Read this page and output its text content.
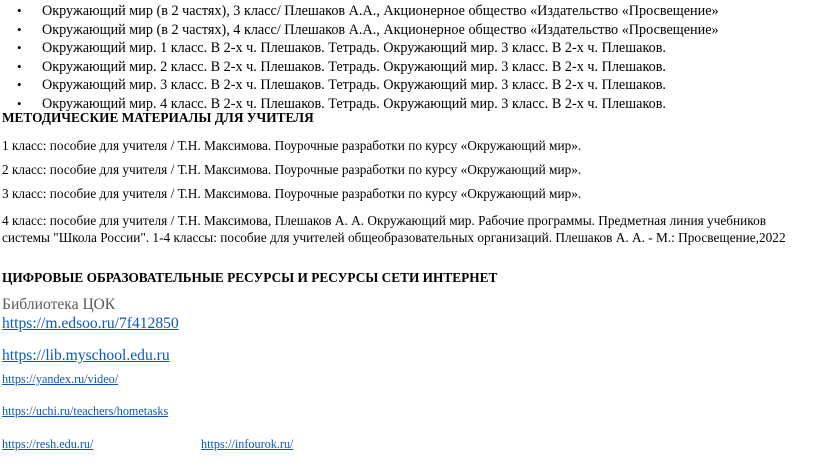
• Окружающий мир (в 2 частях), 3 класс/ Плешаков А.А., Акционерное общество «Издательство «Просвещение»
• Окружающий мир (в 2 частях), 4 класс/ Плешаков А.А., Акционерное общество «Издательство «Просвещение»
• Окружающий мир. 1 класс. В 2-х ч. Плешаков. Тетрадь. Окружающий мир. 3 класс. В 2-х ч. Плешаков.
• Окружающий мир. 2 класс. В 2-х ч. Плешаков. Тетрадь. Окружающий мир. 3 класс. В 2-х ч. Плешаков.
• Окружающий мир. 3 класс. В 2-х ч. Плешаков. Тетрадь. Окружающий мир. 3 класс. В 2-х ч. Плешаков.
• Окружающий мир. 4 класс. В 2-х ч. Плешаков. Тетрадь. Окружающий мир. 3 класс. В 2-х ч. Плешаков.
МЕТОДИЧЕСКИЕ МАТЕРИАЛЫ ДЛЯ УЧИТЕЛЯ
1 класс: пособие для учителя / Т.Н. Максимова. Поурочные разработки по курсу «Окружающий мир».
2 класс: пособие для учителя / Т.Н. Максимова. Поурочные разработки по курсу «Окружающий мир».
3 класс: пособие для учителя / Т.Н. Максимова. Поурочные разработки по курсу «Окружающий мир».
4 класс: пособие для учителя / Т.Н. Максимова, Плешаков А. А. Окружающий мир. Рабочие программы. Предметная линия учебников системы "Школа России". 1-4 классы: пособие для учителей общеобразовательных организаций. Плешаков А. А. - М.: Просвещение,2022
ЦИФРОВЫЕ ОБРАЗОВАТЕЛЬНЫЕ РЕСУРСЫ И РЕСУРСЫ СЕТИ ИНТЕРНЕТ
Библиотека ЦОК
https://m.edsoo.ru/7f412850
https://lib.myschool.edu.ru
https://yandex.ru/video/
https://uchi.ru/teachers/hometasks
https://resh.edu.ru/	https://infourok.ru/
